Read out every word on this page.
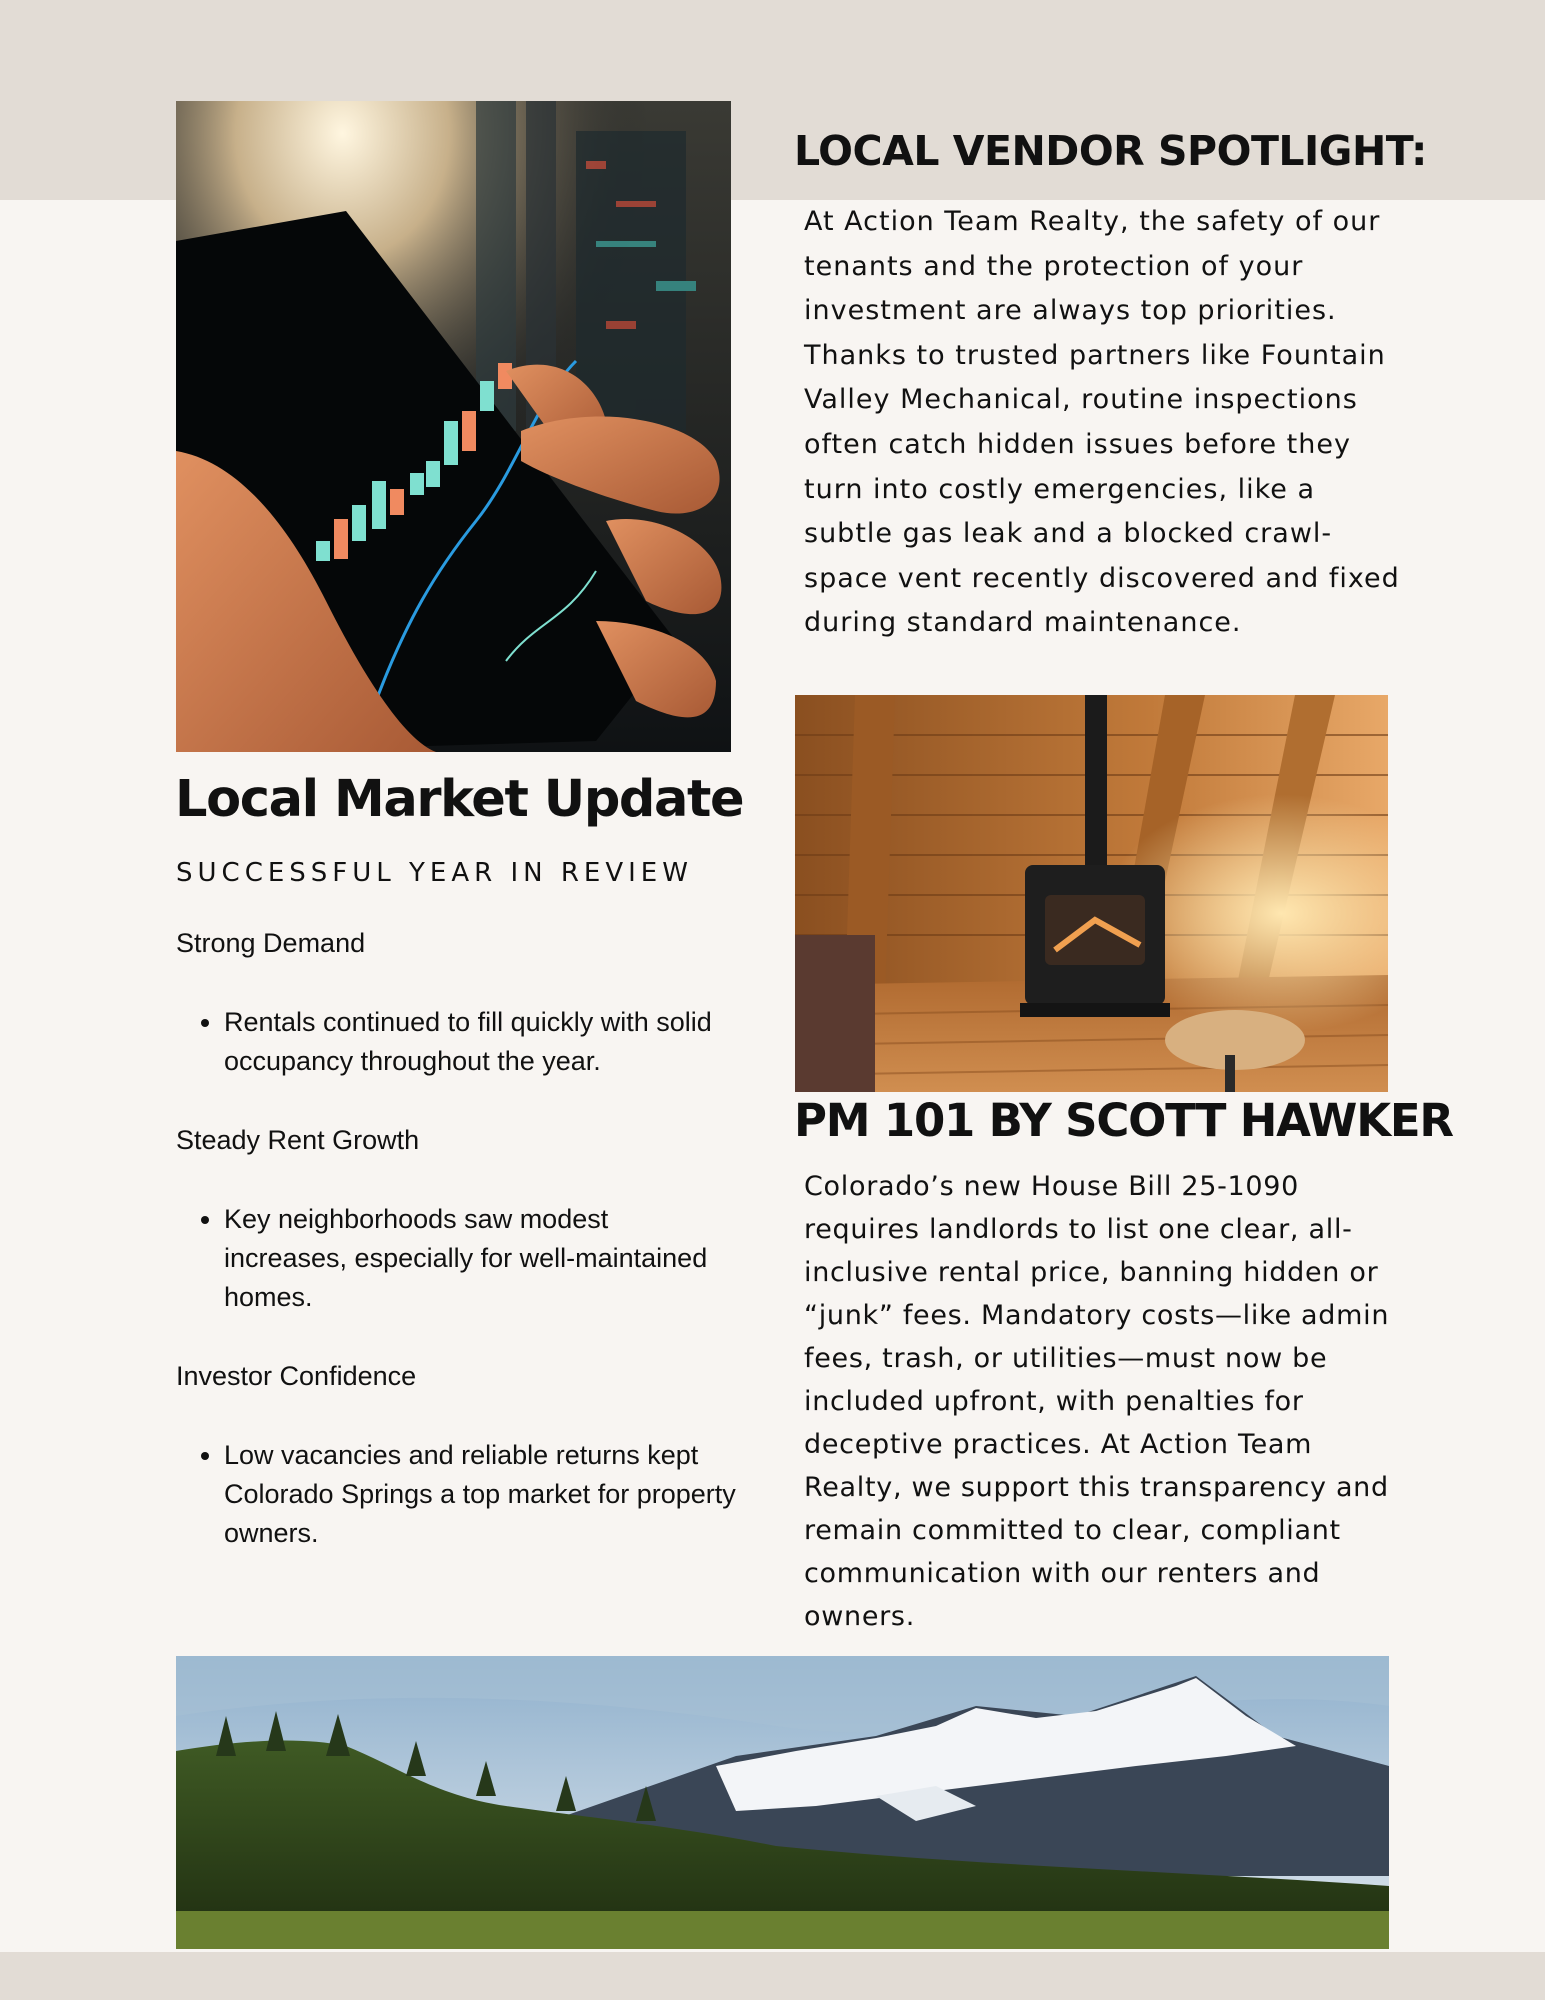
LOCAL VENDOR SPOTLIGHT:

At Action Team Realty, the safety of our tenants and the protection of your investment are always top priorities. Thanks to trusted partners like Fountain Valley Mechanical, routine inspections often catch hidden issues before they turn into costly emergencies, like a subtle gas leak and a blocked crawl-space vent recently discovered and fixed during standard maintenance.

Local Market Update

SUCCESSFUL YEAR IN REVIEW

Strong Demand

• Rentals continued to fill quickly with solid occupancy throughout the year.

Steady Rent Growth

• Key neighborhoods saw modest increases, especially for well-maintained homes.

Investor Confidence

• Low vacancies and reliable returns kept Colorado Springs a top market for property owners.
PM 101 BY SCOTT HAWKER

Colorado’s new House Bill 25-1090 requires landlords to list one clear, all-inclusive rental price, banning hidden or “junk” fees. Mandatory costs—like admin fees, trash, or utilities—must now be included upfront, with penalties for deceptive practices. At Action Team Realty, we support this transparency and remain committed to clear, compliant communication with our renters and owners.
